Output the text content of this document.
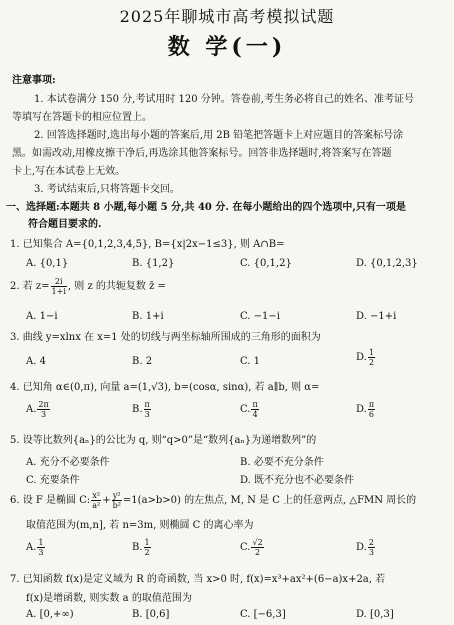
2025年聊城市高考模拟试题
数 学(一)
注意事项:
1. 本试卷满分 150 分,考试用时 120 分钟。答卷前,考生务必将自己的姓名、准考证号
等填写在答题卡的相应位置上。
2. 回答选择题时,选出每小题的答案后,用 2B 铅笔把答题卡上对应题目的答案标号涂
黑。如需改动,用橡皮擦干净后,再选涂其他答案标号。回答非选择题时,将答案写在答题
卡上,写在本试卷上无效。
3. 考试结束后,只将答题卡交回。
一、选择题:本题共 8 小题,每小题 5 分,共 40 分. 在每小题给出的四个选项中,只有一项是
符合题目要求的.
1. 已知集合 A={0,1,2,3,4,5}, B={x|2x−1≤3}, 则 A∩B=
A. {0,1}	B. {1,2}	C. {0,1,2}	D. {0,1,2,3}
2. 若 $z= \frac{2i}{1+i}$ , 则 z 的共轭复数 z̄ =
A. 1−i	B. 1+i	C. −1−i	D. −1+i
3. 曲线 y=xlnx 在 x=1 处的切线与两坐标轴所围成的三角形的面积为
A. 4	B. 2	C. 1	D. $\frac{1}{2}$
4. 已知角 α∈(0,π), 向量 a=(1,√3), b=(cosα, sinα), 若 a∥b, 则 α=
A. $\frac{2\pi}{3}$	B. $\frac{\pi}{3}$	C. $\frac{\pi}{4}$	D. $\frac{\pi}{6}$
5. 设等比数列{aₙ}的公比为 q, 则“q>0”是“数列{aₙ}为递增数列”的
A. 充分不必要条件	B. 必要不充分条件
C. 充要条件	D. 既不充分也不必要条件
6. 设 F 是椭圆 C: $\frac{\text{x²}}{\text{a²}} + \frac{\text{y²}}{\text{b²}} =1(a>b>0)$ 的左焦点, M, N 是 C 上的任意两点, △FMN 周长的
取值范围为(m,n], 若 n=3m, 则椭圆 C 的离心率为
A. $\frac{1}{3}$	B. $\frac{1}{2}$	C. $\frac{√2}{2}$	D. $\frac{2}{3}$
7. 已知函数 f(x)是定义域为 R 的奇函数, 当 x>0 时, f(x)=x³+ax²+(6−a)x+2a, 若
f(x)是增函数, 则实数 a 的取值范围为
A. [0,+∞)	B. [0,6]	C. [−6,3]	D. [0,3]
